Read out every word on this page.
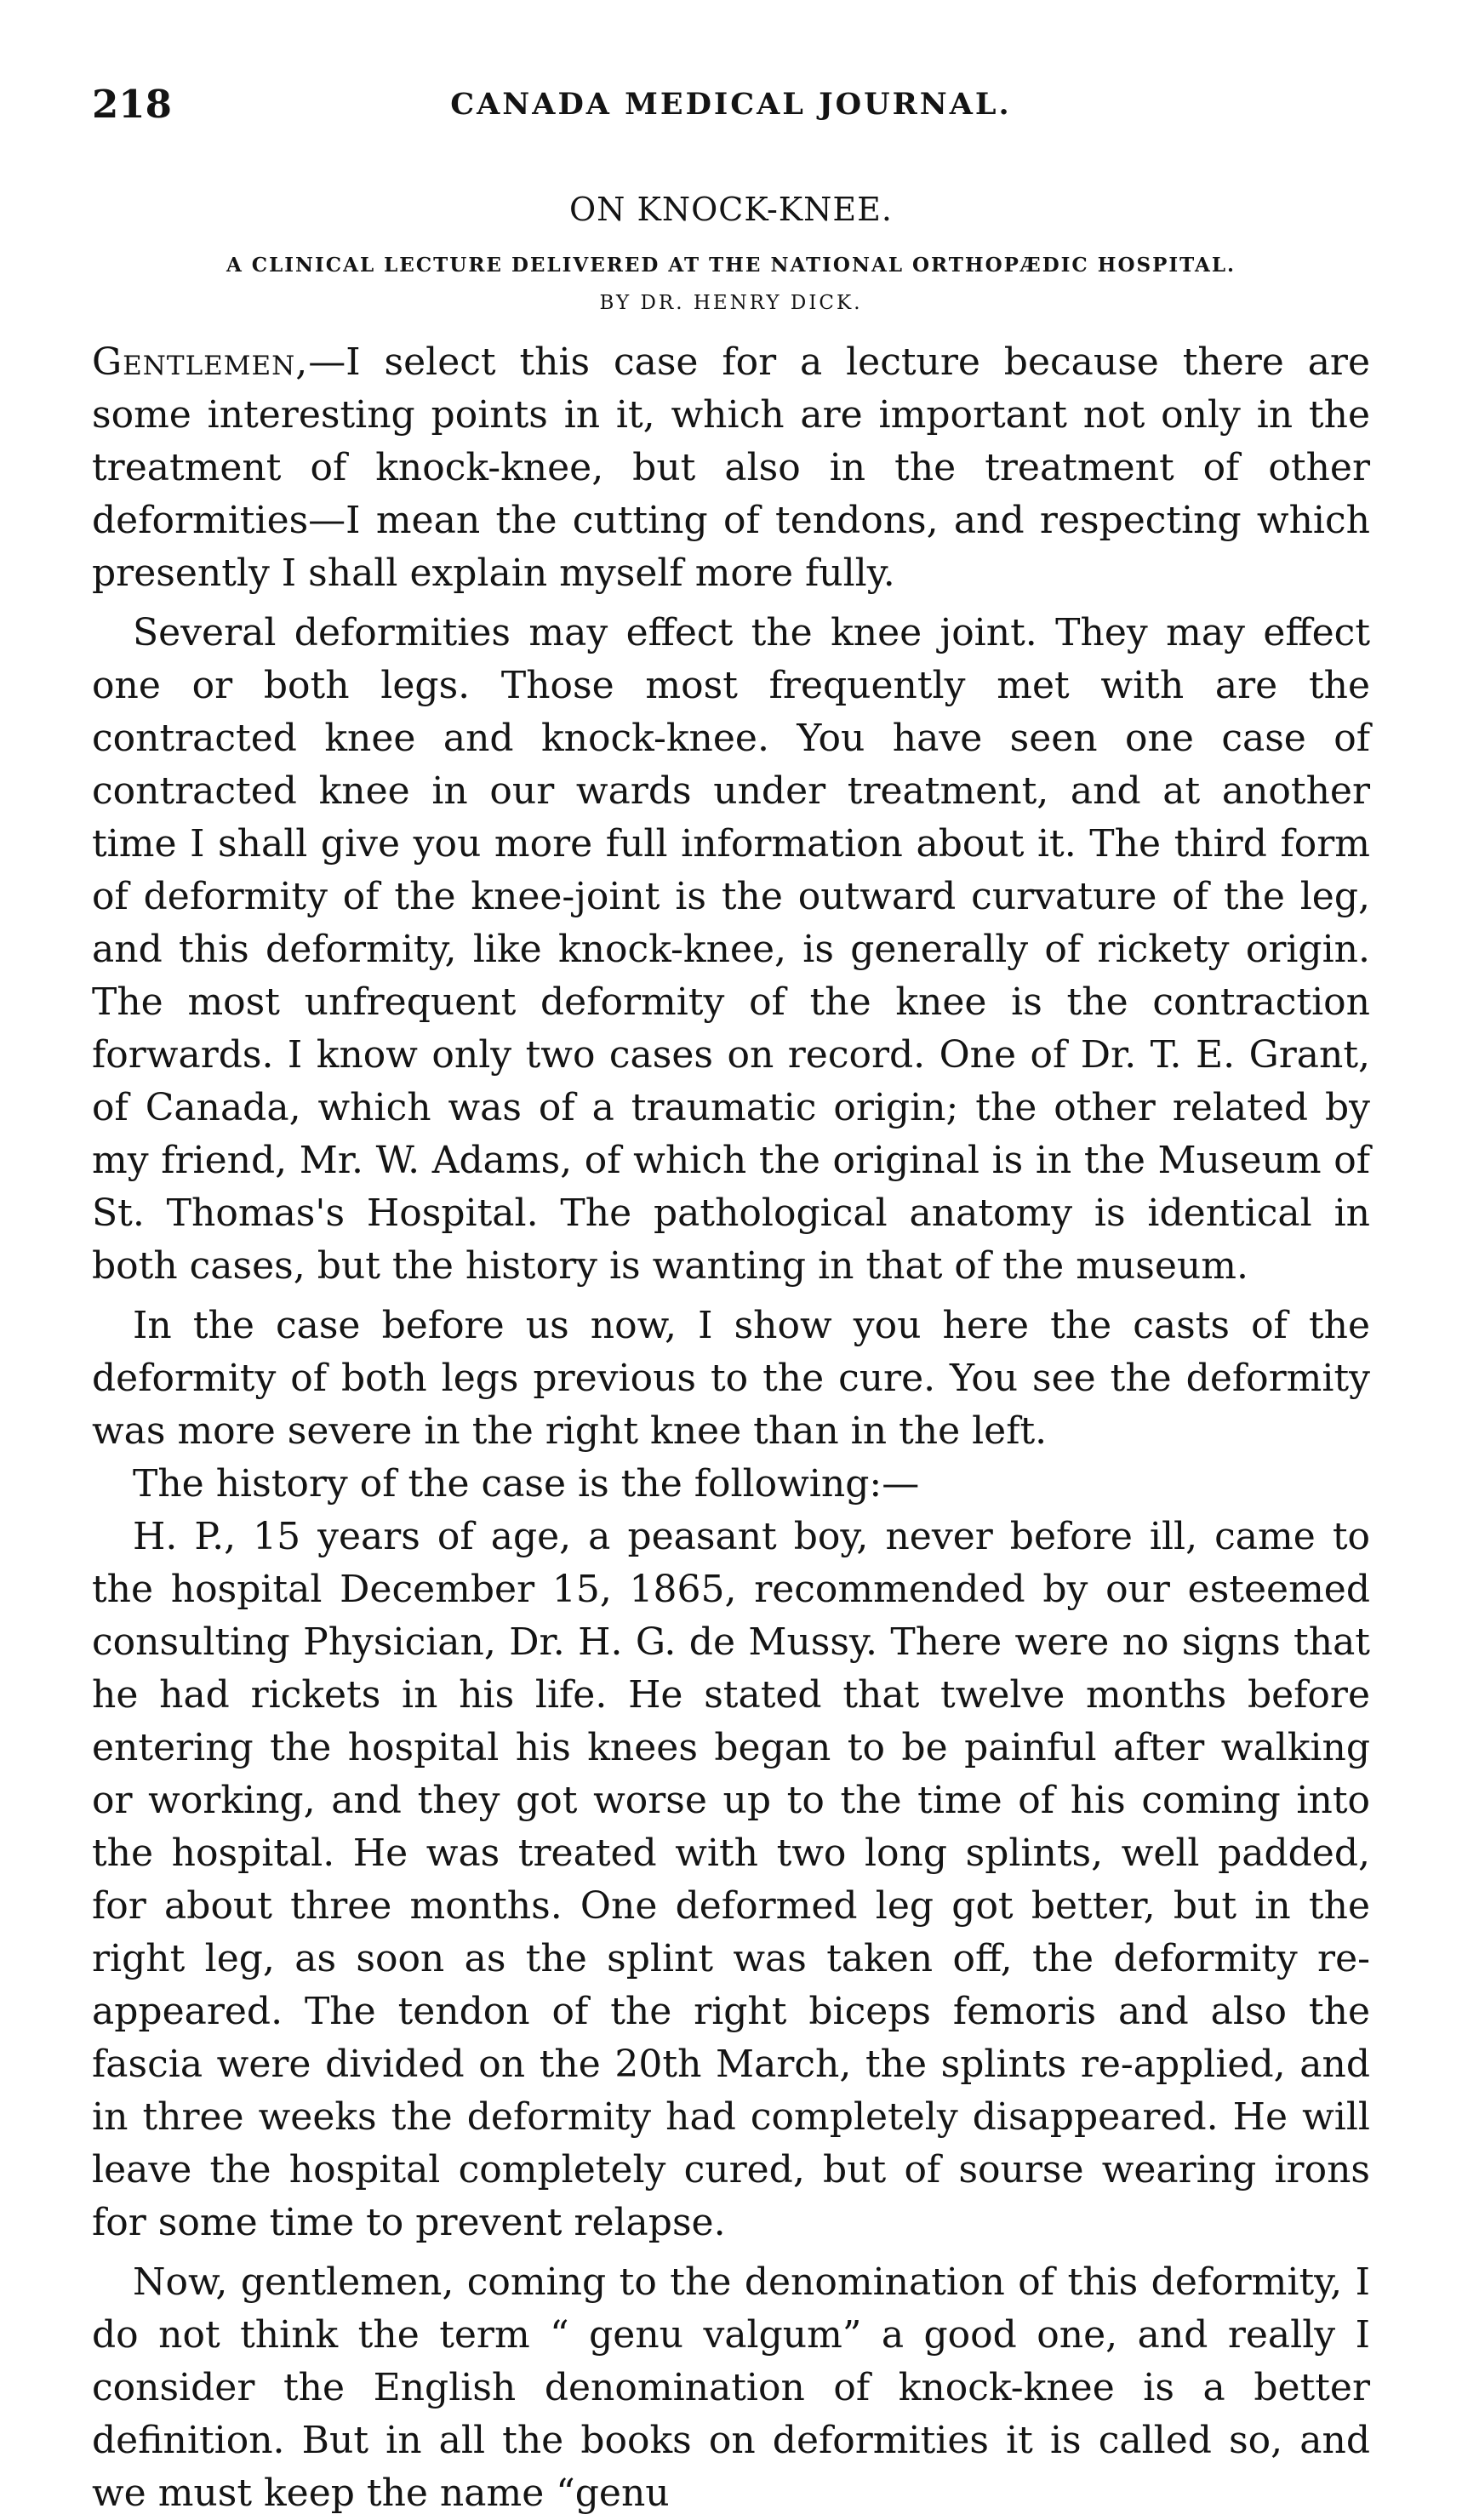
218	CANADA MEDICAL JOURNAL.
ON KNOCK-KNEE.
A CLINICAL LECTURE DELIVERED AT THE NATIONAL ORTHOPÆDIC HOSPITAL.
BY DR. HENRY DICK.

Gentlemen,—I select this case for a lecture because there are some interesting points in it, which are important not only in the treatment of knock-knee, but also in the treatment of other deformities—I mean the cutting of tendons, and respecting which presently I shall explain myself more fully.

Several deformities may effect the knee joint. They may effect one or both legs. Those most frequently met with are the contracted knee and knock-knee. You have seen one case of contracted knee in our wards under treatment, and at another time I shall give you more full information about it. The third form of deformity of the knee-joint is the outward curvature of the leg, and this deformity, like knock-knee, is generally of rickety origin. The most unfrequent deformity of the knee is the contraction forwards. I know only two cases on record. One of Dr. T. E. Grant, of Canada, which was of a traumatic origin; the other related by my friend, Mr. W. Adams, of which the original is in the Museum of St. Thomas's Hospital. The pathological anatomy is identical in both cases, but the history is wanting in that of the museum.

In the case before us now, I show you here the casts of the deformity of both legs previous to the cure. You see the deformity was more severe in the right knee than in the left.

The history of the case is the following:—

H. P., 15 years of age, a peasant boy, never before ill, came to the hospital December 15, 1865, recommended by our esteemed consulting Physician, Dr. H. G. de Mussy. There were no signs that he had rickets in his life. He stated that twelve months before entering the hospital his knees began to be painful after walking or working, and they got worse up to the time of his coming into the hospital. He was treated with two long splints, well padded, for about three months. One deformed leg got better, but in the right leg, as soon as the splint was taken off, the deformity re-appeared. The tendon of the right biceps femoris and also the fascia were divided on the 20th March, the splints re-applied, and in three weeks the deformity had completely disappeared. He will leave the hospital completely cured, but of sourse wearing irons for some time to prevent relapse.

Now, gentlemen, coming to the denomination of this deformity, I do not think the term “ genu valgum” a good one, and really I consider the English denomination of knock-knee is a better definition. But in all the books on deformities it is called so, and we must keep the name “genu
